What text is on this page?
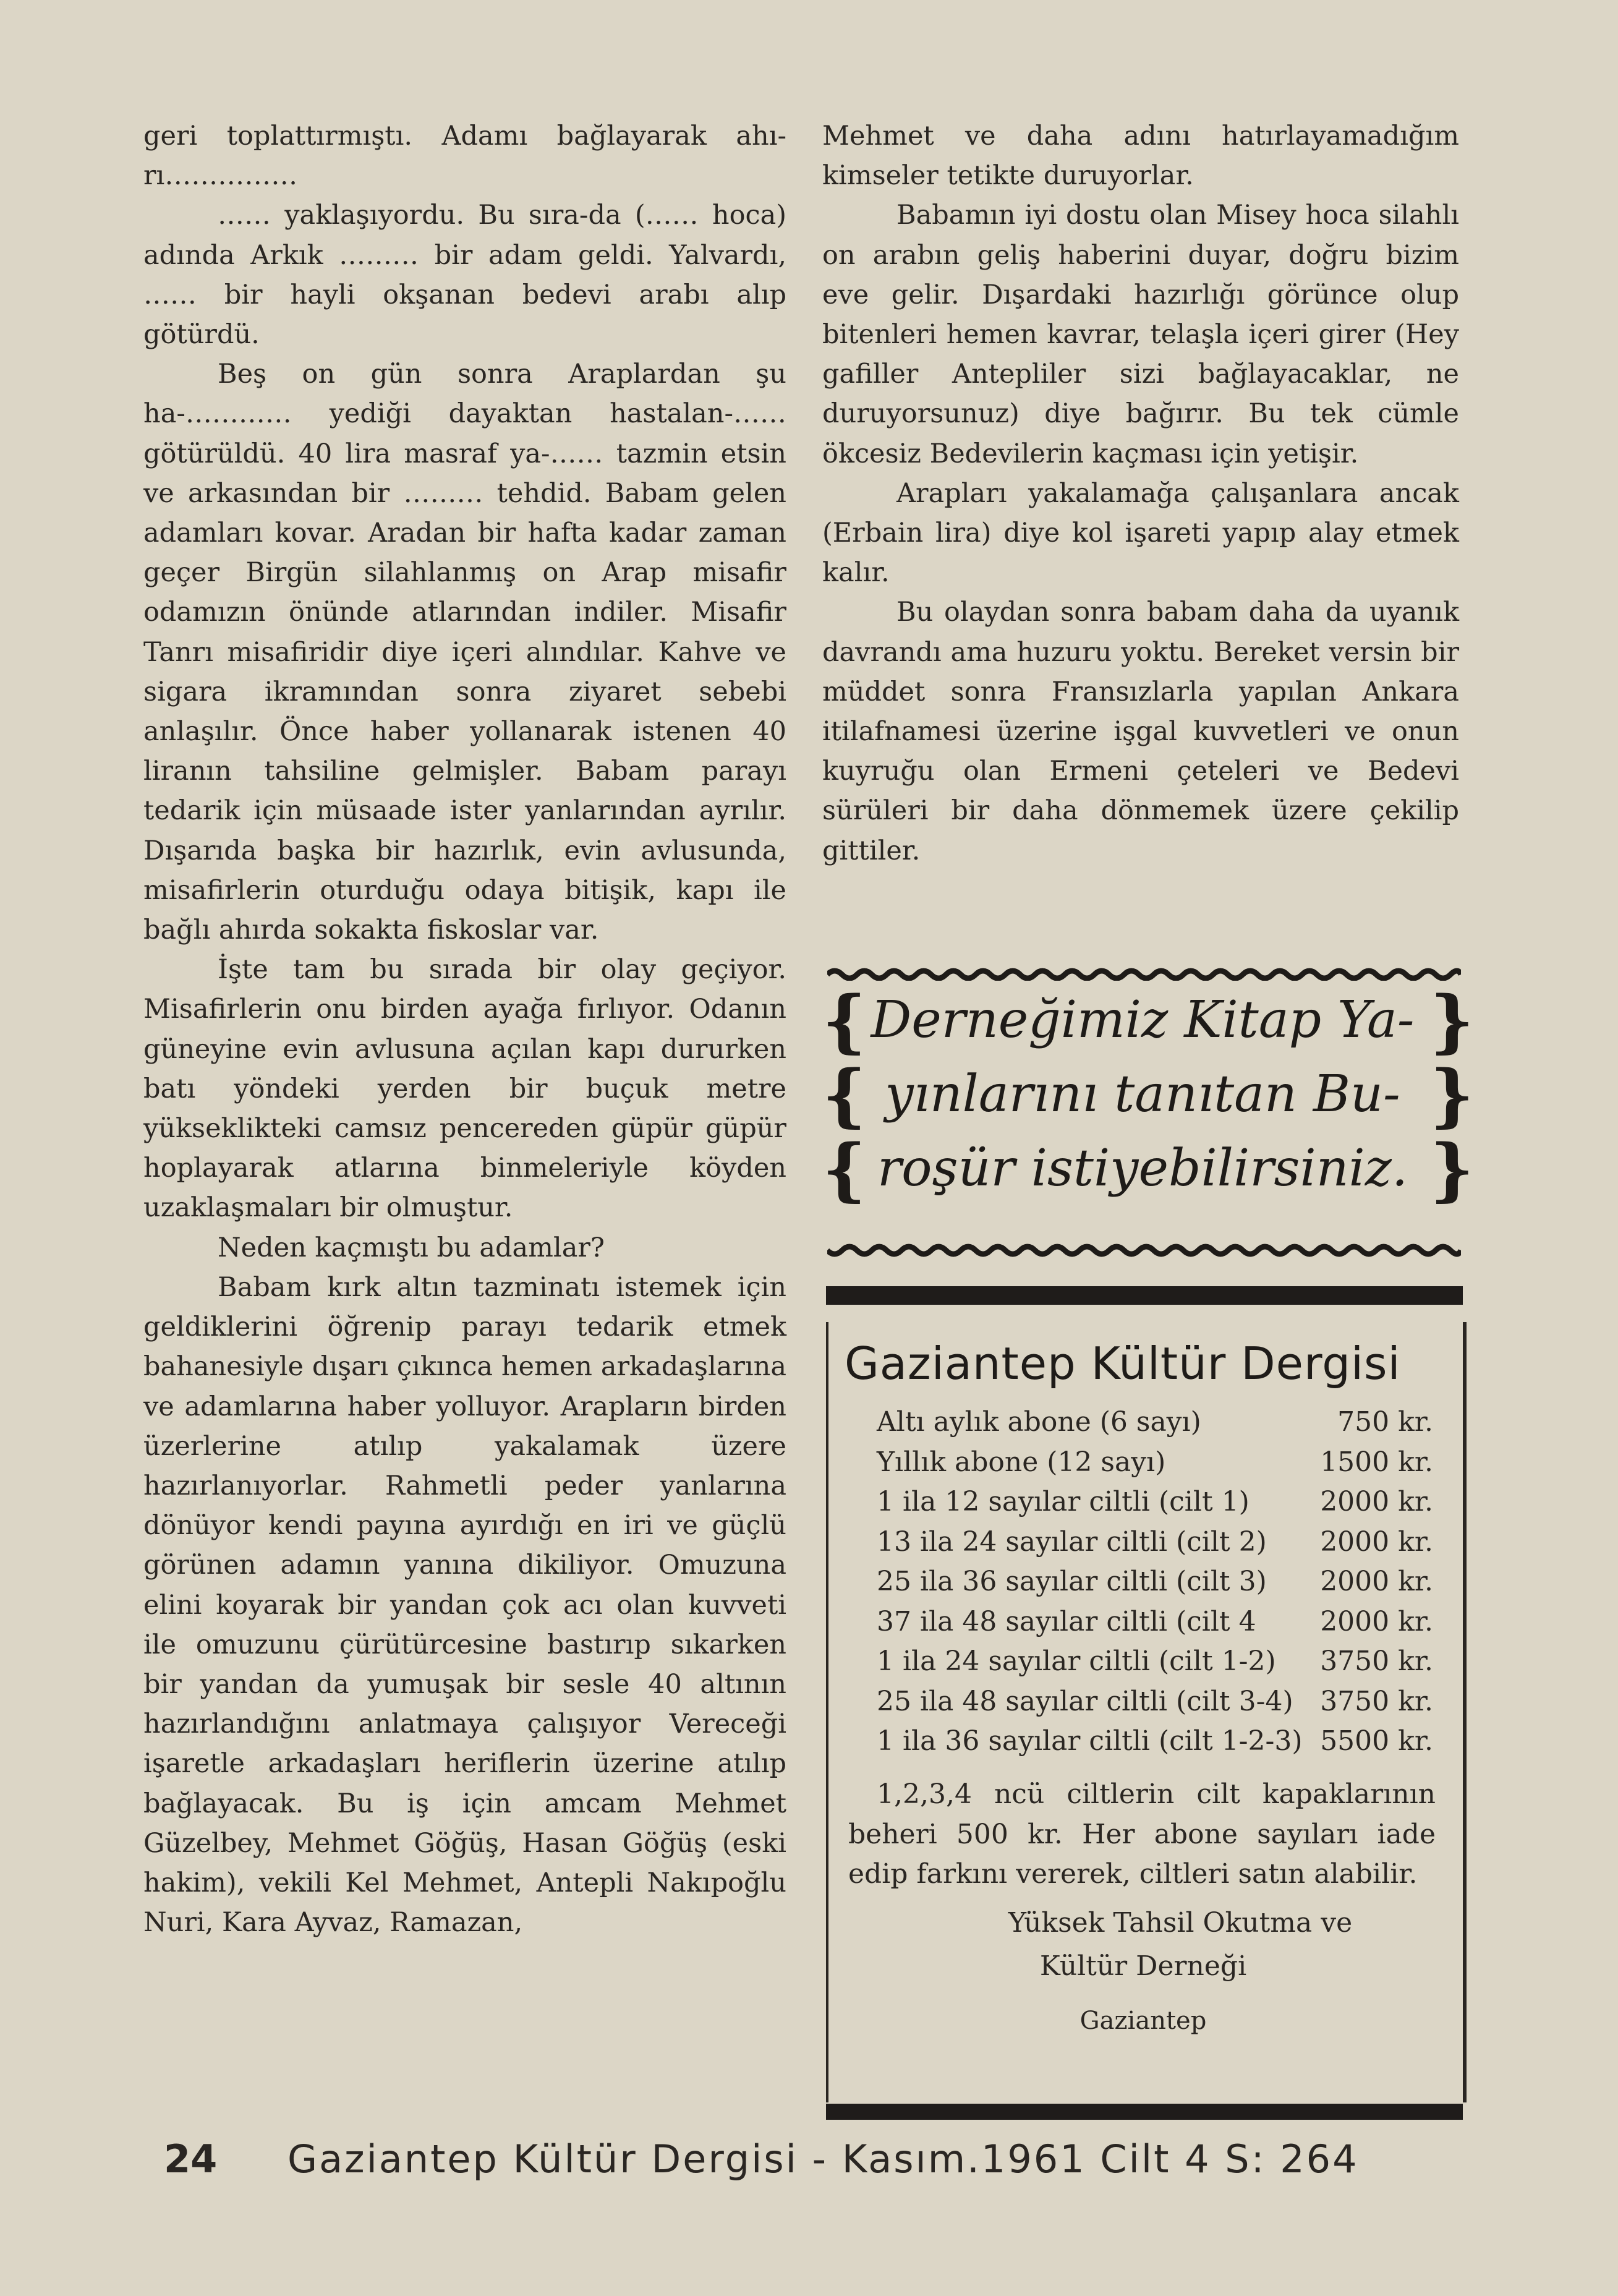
geri toplattırmıştı. Adamı bağlayarak ahı-rı……………

…… yaklaşıyordu. Bu sıra-da (…… hoca) adında Arkık ……… bir adam geldi. Yalvardı, …… bir hayli okşanan bedevi arabı alıp götürdü.

Beş on gün sonra Araplardan şu ha-………… yediği dayaktan hastalan-…… götürüldü. 40 lira masraf ya-…… tazmin etsin ve arkasından bir ……… tehdid. Babam gelen adamları kovar. Aradan bir hafta kadar zaman geçer Birgün silahlanmış on Arap misafir odamızın önünde atlarından indiler. Misafir Tanrı misafiridir diye içeri alındılar. Kahve ve sigara ikramından sonra ziyaret sebebi anlaşılır. Önce haber yollanarak istenen 40 liranın tahsiline gelmişler. Babam parayı tedarik için müsaade ister yanlarından ayrılır. Dışarıda başka bir hazırlık, evin avlusunda, misafirlerin oturduğu odaya bitişik, kapı ile bağlı ahırda sokakta fiskoslar var.

İşte tam bu sırada bir olay geçiyor. Misafirlerin onu birden ayağa fırlıyor. Odanın güneyine evin avlusuna açılan kapı dururken batı yöndeki yerden bir buçuk metre yükseklikteki camsız pencereden güpür güpür hoplayarak atlarına binmeleriyle köyden uzaklaşmaları bir olmuştur.

Neden kaçmıştı bu adamlar?

Babam kırk altın tazminatı istemek için geldiklerini öğrenip parayı tedarik etmek bahanesiyle dışarı çıkınca hemen arkadaşlarına ve adamlarına haber yolluyor. Arapların birden üzerlerine atılıp yakalamak üzere hazırlanıyorlar. Rahmetli peder yanlarına dönüyor kendi payına ayırdığı en iri ve güçlü görünen adamın yanına dikiliyor. Omuzuna elini koyarak bir yandan çok acı olan kuvveti ile omuzunu çürütürcesine bastırıp sıkarken bir yandan da yumuşak bir sesle 40 altının hazırlandığını anlatmaya çalışıyor Vereceği işaretle arkadaşları heriflerin üzerine atılıp bağlayacak. Bu iş için amcam Mehmet Güzelbey, Mehmet Göğüş, Hasan Göğüş (eski hakim), vekili Kel Mehmet, Antepli Nakıpoğlu Nuri, Kara Ayvaz, Ramazan,

Mehmet ve daha adını hatırlayamadığım kimseler tetikte duruyorlar.

Babamın iyi dostu olan Misey hoca silahlı on arabın geliş haberini duyar, doğru bizim eve gelir. Dışardaki hazırlığı görünce olup bitenleri hemen kavrar, telaşla içeri girer (Hey gafiller Antepliler sizi bağlayacaklar, ne duruyorsunuz) diye bağırır. Bu tek cümle ökcesiz Bedevilerin kaçması için yetişir.

Arapları yakalamağa çalışanlara ancak (Erbain lira) diye kol işareti yapıp alay etmek kalır.

Bu olaydan sonra babam daha da uyanık davrandı ama huzuru yoktu. Bereket versin bir müddet sonra Fransızlarla yapılan Ankara itilafnamesi üzerine işgal kuvvetleri ve onun kuyruğu olan Ermeni çeteleri ve Bedevi sürüleri bir daha dönmemek üzere çekilip gittiler.

{
{
{
}
}
}
Derneğimiz Kitap Ya-
yınlarını tanıtan Bu-
roşür istiyebilirsiniz.
Gaziantep Kültür Dergisi
Altı aylık abone (6 sayı)	750 kr.
Yıllık abone (12 sayı)	1500 kr.
1 ila 12 sayılar ciltli (cilt 1)	2000 kr.
13 ila 24 sayılar ciltli (cilt 2) 2000 kr.
25 ila 36 sayılar ciltli (cilt 3) 2000 kr.
37 ila 48 sayılar ciltli (cilt 4 2000 kr.
1 ila 24 sayılar ciltli (cilt 1-2) 3750 kr.
25 ila 48 sayılar ciltli (cilt 3-4) 3750 kr.
1 ila 36 sayılar ciltli (cilt 1-2-3) 5500 kr.
1,2,3,4 ncü ciltlerin cilt kapaklarının beheri 500 kr. Her abone sayıları iade edip farkını vererek, ciltleri satın alabilir.
Yüksek Tahsil Okutma ve
Kültür Derneği
Gaziantep
24 Gaziantep Kültür Dergisi - Kasım.1961 Cilt 4 S: 264
